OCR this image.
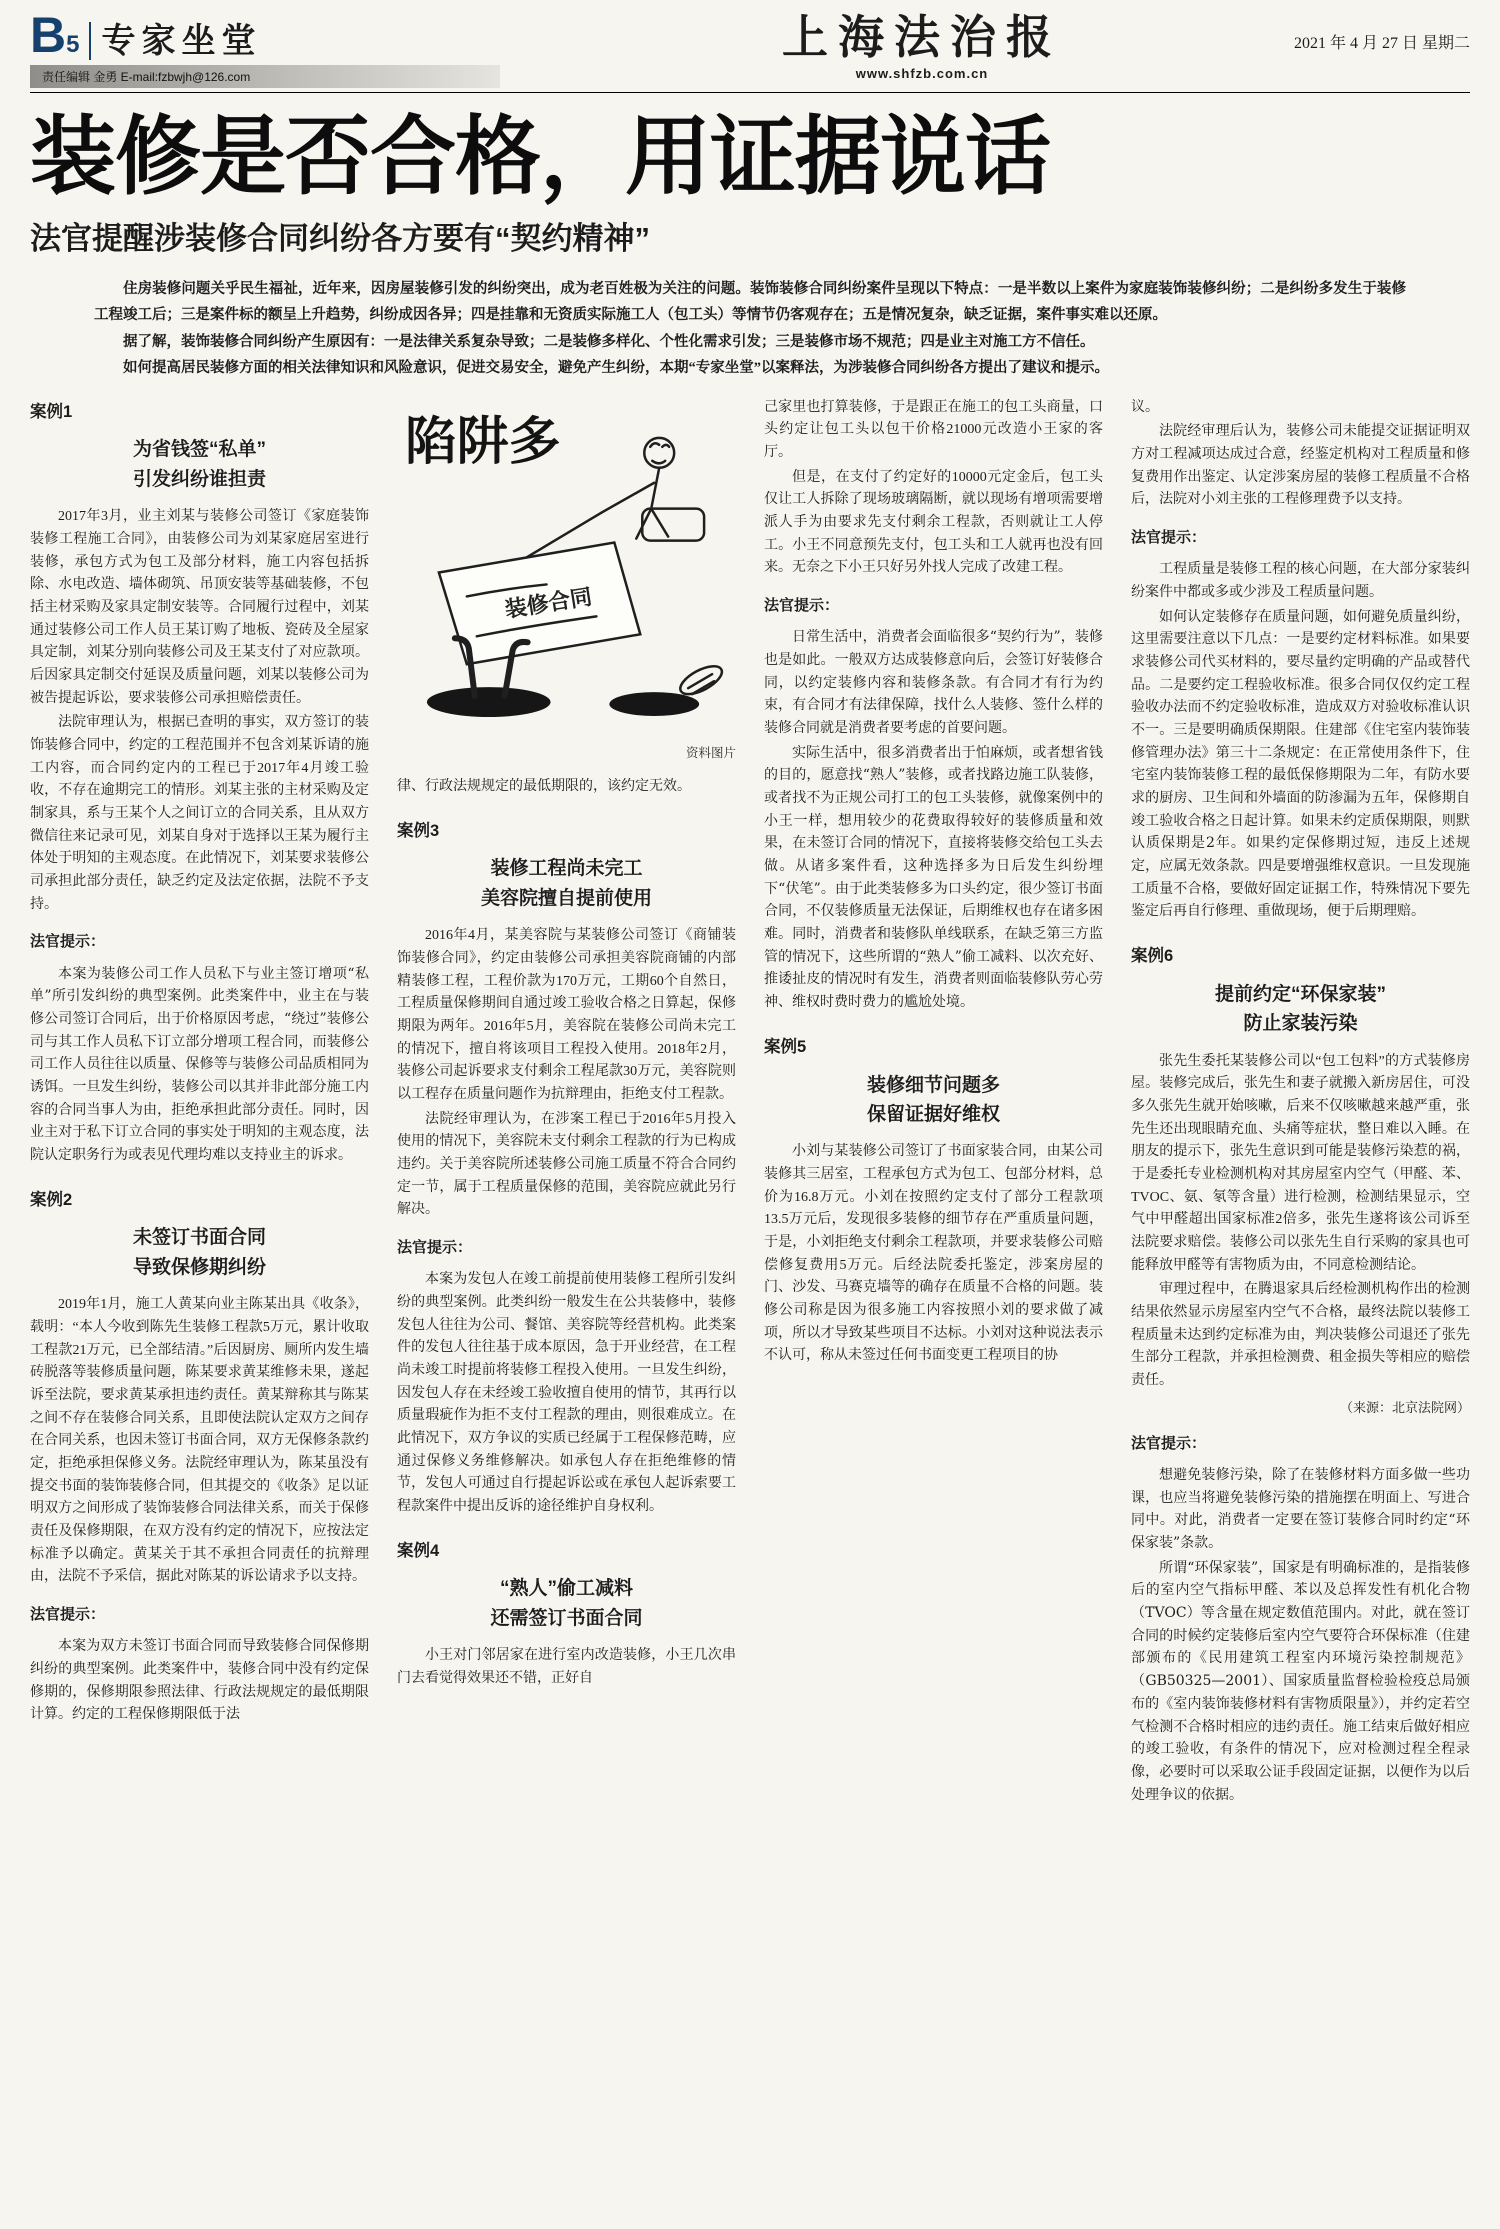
B5 专家坐堂
责任编辑 金勇 E-mail:fzbwjh@126.com
上海法治报
www.shfzb.com.cn
2021 年 4 月 27 日 星期二
装修是否合格，用证据说话
法官提醒涉装修合同纠纷各方要有“契约精神”

住房装修问题关乎民生福祉，近年来，因房屋装修引发的纠纷突出，成为老百姓极为关注的问题。装饰装修合同纠纷案件呈现以下特点：一是半数以上案件为家庭装饰装修纠纷；二是纠纷多发生于装修工程竣工后；三是案件标的额呈上升趋势，纠纷成因各异；四是挂靠和无资质实际施工人（包工头）等情节仍客观存在；五是情况复杂，缺乏证据，案件事实难以还原。

据了解，装饰装修合同纠纷产生原因有：一是法律关系复杂导致；二是装修多样化、个性化需求引发；三是装修市场不规范；四是业主对施工方不信任。

如何提高居民装修方面的相关法律知识和风险意识，促进交易安全，避免产生纠纷，本期“专家坐堂”以案释法，为涉装修合同纠纷各方提出了建议和提示。

案例1
为省钱签“私单”
引发纠纷谁担责

2017年3月，业主刘某与装修公司签订《家庭装饰装修工程施工合同》，由装修公司为刘某家庭居室进行装修，承包方式为包工及部分材料，施工内容包括拆除、水电改造、墙体砌筑、吊顶安装等基础装修，不包括主材采购及家具定制安装等。合同履行过程中，刘某通过装修公司工作人员王某订购了地板、瓷砖及全屋家具定制，刘某分别向装修公司及王某支付了对应款项。后因家具定制交付延误及质量问题，刘某以装修公司为被告提起诉讼，要求装修公司承担赔偿责任。

法院审理认为，根据已查明的事实，双方签订的装饰装修合同中，约定的工程范围并不包含刘某诉请的施工内容，而合同约定内的工程已于2017年4月竣工验收，不存在逾期完工的情形。刘某主张的主材采购及定制家具，系与王某个人之间订立的合同关系，且从双方微信往来记录可见，刘某自身对于选择以王某为履行主体处于明知的主观态度。在此情况下，刘某要求装修公司承担此部分责任，缺乏约定及法定依据，法院不予支持。

法官提示：

本案为装修公司工作人员私下与业主签订增项“私单”所引发纠纷的典型案例。此类案件中，业主在与装修公司签订合同后，出于价格原因考虑，“绕过”装修公司与其工作人员私下订立部分增项工程合同，而装修公司工作人员往往以质量、保修等与装修公司品质相同为诱饵。一旦发生纠纷，装修公司以其并非此部分施工内容的合同当事人为由，拒绝承担此部分责任。同时，因业主对于私下订立合同的事实处于明知的主观态度，法院认定职务行为或表见代理均难以支持业主的诉求。

案例2
未签订书面合同
导致保修期纠纷

2019年1月，施工人黄某向业主陈某出具《收条》，载明：“本人今收到陈先生装修工程款5万元，累计收取工程款21万元，已全部结清。”后因厨房、厕所内发生墙砖脱落等装修质量问题，陈某要求黄某维修未果，遂起诉至法院，要求黄某承担违约责任。黄某辩称其与陈某之间不存在装修合同关系，且即使法院认定双方之间存在合同关系，也因未签订书面合同，双方无保修条款约定，拒绝承担保修义务。法院经审理认为，陈某虽没有提交书面的装饰装修合同，但其提交的《收条》足以证明双方之间形成了装饰装修合同法律关系，而关于保修责任及保修期限，在双方没有约定的情况下，应按法定标准予以确定。黄某关于其不承担合同责任的抗辩理由，法院不予采信，据此对陈某的诉讼请求予以支持。

法官提示：

本案为双方未签订书面合同而导致装修合同保修期纠纷的典型案例。此类案件中，装修合同中没有约定保修期的，保修期限参照法律、行政法规规定的最低期限计算。约定的工程保修期限低于法

陷阱多
装修合同
资料图片

律、行政法规规定的最低期限的，该约定无效。

案例3
装修工程尚未完工
美容院擅自提前使用

2016年4月，某美容院与某装修公司签订《商铺装饰装修合同》，约定由装修公司承担美容院商铺的内部精装修工程，工程价款为170万元，工期60个自然日，工程质量保修期间自通过竣工验收合格之日算起，保修期限为两年。2016年5月，美容院在装修公司尚未完工的情况下，擅自将该项目工程投入使用。2018年2月，装修公司起诉要求支付剩余工程尾款30万元，美容院则以工程存在质量问题作为抗辩理由，拒绝支付工程款。

法院经审理认为，在涉案工程已于2016年5月投入使用的情况下，美容院未支付剩余工程款的行为已构成违约。关于美容院所述装修公司施工质量不符合合同约定一节，属于工程质量保修的范围，美容院应就此另行解决。

法官提示：

本案为发包人在竣工前提前使用装修工程所引发纠纷的典型案例。此类纠纷一般发生在公共装修中，装修发包人往往为公司、餐馆、美容院等经营机构。此类案件的发包人往往基于成本原因，急于开业经营，在工程尚未竣工时提前将装修工程投入使用。一旦发生纠纷，因发包人存在未经竣工验收擅自使用的情节，其再行以质量瑕疵作为拒不支付工程款的理由，则很难成立。在此情况下，双方争议的实质已经属于工程保修范畴，应通过保修义务维修解决。如承包人存在拒绝维修的情节，发包人可通过自行提起诉讼或在承包人起诉索要工程款案件中提出反诉的途径维护自身权利。

案例4
“熟人”偷工减料
还需签订书面合同

小王对门邻居家在进行室内改造装修，小王几次串门去看觉得效果还不错，正好自

己家里也打算装修，于是跟正在施工的包工头商量，口头约定让包工头以包干价格21000元改造小王家的客厅。

但是，在支付了约定好的10000元定金后，包工头仅让工人拆除了现场玻璃隔断，就以现场有增项需要增派人手为由要求先支付剩余工程款，否则就让工人停工。小王不同意预先支付，包工头和工人就再也没有回来。无奈之下小王只好另外找人完成了改建工程。

法官提示：

日常生活中，消费者会面临很多“契约行为”，装修也是如此。一般双方达成装修意向后，会签订好装修合同，以约定装修内容和装修条款。有合同才有行为约束，有合同才有法律保障，找什么人装修、签什么样的装修合同就是消费者要考虑的首要问题。

实际生活中，很多消费者出于怕麻烦，或者想省钱的目的，愿意找“熟人”装修，或者找路边施工队装修，或者找不为正规公司打工的包工头装修，就像案例中的小王一样，想用较少的花费取得较好的装修质量和效果，在未签订合同的情况下，直接将装修交给包工头去做。从诸多案件看，这种选择多为日后发生纠纷埋下“伏笔”。由于此类装修多为口头约定，很少签订书面合同，不仅装修质量无法保证，后期维权也存在诸多困难。同时，消费者和装修队单线联系，在缺乏第三方监管的情况下，这些所谓的“熟人”偷工减料、以次充好、推诿扯皮的情况时有发生，消费者则面临装修队劳心劳神、维权时费时费力的尴尬处境。

案例5
装修细节问题多
保留证据好维权

小刘与某装修公司签订了书面家装合同，由某公司装修其三居室，工程承包方式为包工、包部分材料，总价为16.8万元。小刘在按照约定支付了部分工程款项13.5万元后，发现很多装修的细节存在严重质量问题，于是，小刘拒绝支付剩余工程款项，并要求装修公司赔偿修复费用5万元。后经法院委托鉴定，涉案房屋的门、沙发、马赛克墙等的确存在质量不合格的问题。装修公司称是因为很多施工内容按照小刘的要求做了减项，所以才导致某些项目不达标。小刘对这种说法表示不认可，称从未签过任何书面变更工程项目的协

议。

法院经审理后认为，装修公司未能提交证据证明双方对工程减项达成过合意，经鉴定机构对工程质量和修复费用作出鉴定、认定涉案房屋的装修工程质量不合格后，法院对小刘主张的工程修理费予以支持。

法官提示：

工程质量是装修工程的核心问题，在大部分家装纠纷案件中都或多或少涉及工程质量问题。

如何认定装修存在质量问题，如何避免质量纠纷，这里需要注意以下几点：一是要约定材料标准。如果要求装修公司代买材料的，要尽量约定明确的产品或替代品。二是要约定工程验收标准。很多合同仅仅约定工程验收办法而不约定验收标准，造成双方对验收标准认识不一。三是要明确质保期限。住建部《住宅室内装饰装修管理办法》第三十二条规定：在正常使用条件下，住宅室内装饰装修工程的最低保修期限为二年，有防水要求的厨房、卫生间和外墙面的防渗漏为五年，保修期自竣工验收合格之日起计算。如果未约定质保期限，则默认质保期是2年。如果约定保修期过短，违反上述规定，应属无效条款。四是要增强维权意识。一旦发现施工质量不合格，要做好固定证据工作，特殊情况下要先鉴定后再自行修理、重做现场，便于后期理赔。

案例6
提前约定“环保家装”
防止家装污染

张先生委托某装修公司以“包工包料”的方式装修房屋。装修完成后，张先生和妻子就搬入新房居住，可没多久张先生就开始咳嗽，后来不仅咳嗽越来越严重，张先生还出现眼睛充血、头痛等症状，整日难以入睡。在朋友的提示下，张先生意识到可能是装修污染惹的祸，于是委托专业检测机构对其房屋室内空气（甲醛、苯、TVOC、氨、氡等含量）进行检测，检测结果显示，空气中甲醛超出国家标准2倍多，张先生遂将该公司诉至法院要求赔偿。装修公司以张先生自行采购的家具也可能释放甲醛等有害物质为由，不同意检测结论。

审理过程中，在腾退家具后经检测机构作出的检测结果依然显示房屋室内空气不合格，最终法院以装修工程质量未达到约定标准为由，判决装修公司退还了张先生部分工程款，并承担检测费、租金损失等相应的赔偿责任。

（来源：北京法院网）

法官提示：

想避免装修污染，除了在装修材料方面多做一些功课，也应当将避免装修污染的措施摆在明面上、写进合同中。对此，消费者一定要在签订装修合同时约定“环保家装”条款。

所谓“环保家装”，国家是有明确标准的，是指装修后的室内空气指标甲醛、苯以及总挥发性有机化合物（TVOC）等含量在规定数值范围内。对此，就在签订合同的时候约定装修后室内空气要符合环保标准（住建部颁布的《民用建筑工程室内环境污染控制规范》（GB50325—2001）、国家质量监督检验检疫总局颁布的《室内装饰装修材料有害物质限量》），并约定若空气检测不合格时相应的违约责任。施工结束后做好相应的竣工验收，有条件的情况下，应对检测过程全程录像，必要时可以采取公证手段固定证据，以便作为以后处理争议的依据。
